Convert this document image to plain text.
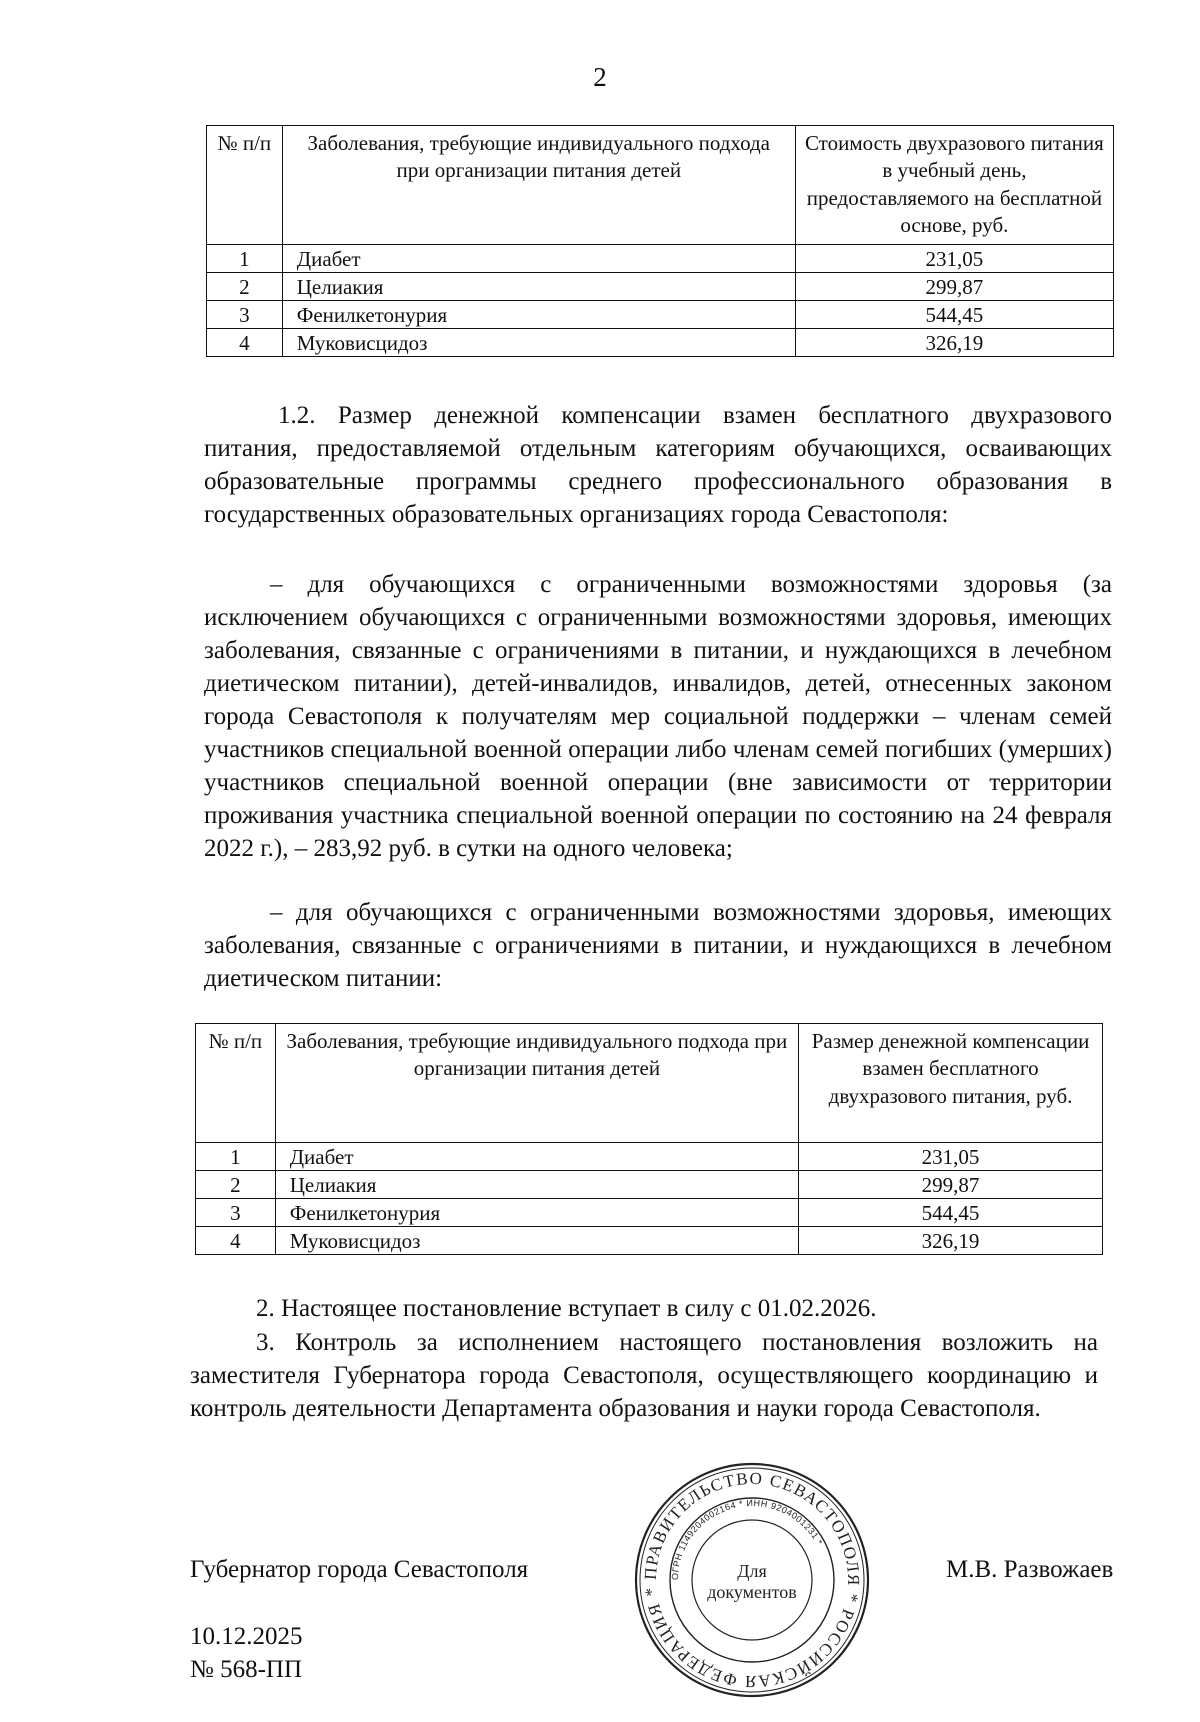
2
№ п/п	Заболевания, требующие индивидуального подхода при организации питания детей	Стоимость двухразового питания в учебный день, предоставляемого на бесплатной основе, руб.
1	Диабет	231,05
2	Целиакия	299,87
3	Фенилкетонурия	544,45
4	Муковисцидоз	326,19
1.2. Размер денежной компенсации взамен бесплатного двухразового питания, предоставляемой отдельным категориям обучающихся, осваивающих образовательные программы среднего профессионального образования в государственных образовательных организациях города Севастополя:
– для обучающихся с ограниченными возможностями здоровья (за исключением обучающихся с ограниченными возможностями здоровья, имеющих заболевания, связанные с ограничениями в питании, и нуждающихся в лечебном диетическом питании), детей-инвалидов, инвалидов, детей, отнесенных законом города Севастополя к получателям мер социальной поддержки – членам семей участников специальной военной операции либо членам семей погибших (умерших) участников специальной военной операции (вне зависимости от территории проживания участника специальной военной операции по состоянию на 24 февраля 2022 г.), – 283,92 руб. в сутки на одного человека;
– для обучающихся с ограниченными возможностями здоровья, имеющих заболевания, связанные с ограничениями в питании, и нуждающихся в лечебном диетическом питании:
№ п/п	Заболевания, требующие индивидуального подхода при организации питания детей	Размер денежной компенсации взамен бесплатного двухразового питания, руб.
1	Диабет	231,05
2	Целиакия	299,87
3	Фенилкетонурия	544,45
4	Муковисцидоз	326,19
2. Настоящее постановление вступает в силу с 01.02.2026.
3. Контроль за исполнением настоящего постановления возложить на заместителя Губернатора города Севастополя, осуществляющего координацию и контроль деятельности Департамента образования и науки города Севастополя.
Губернатор города Севастополя	ПРАВИТЕЛЬСТВО СЕВАСТОПОЛЯ * РОССИЙСКАЯ ФЕДЕРАЦИЯ *
ОГРН 1149204002164 * ИНН 9204001231 *
Для
документов
М.В. Развожаев
10.12.2025
№ 568-ПП
